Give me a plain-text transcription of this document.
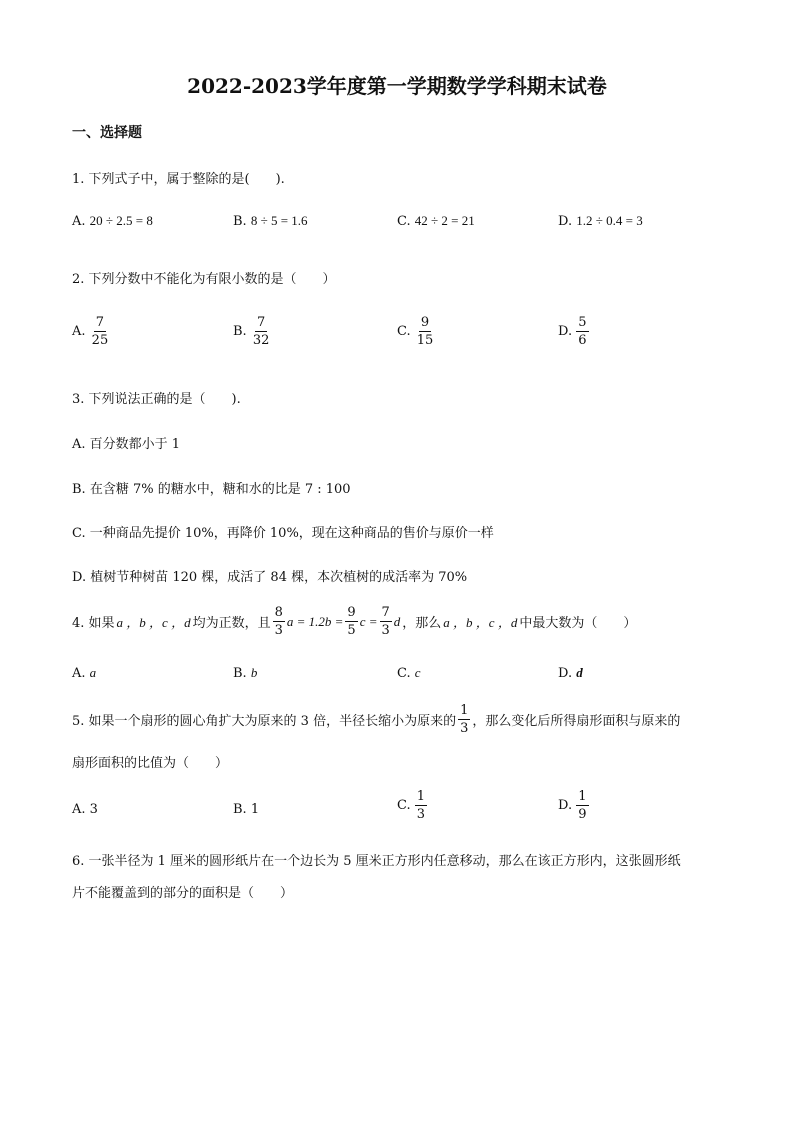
2022-2023学年度第一学期数学学科期末试卷
一、选择题
1. 下列式子中，属于整除的是(　　).
A. 20 ÷ 2.5 = 8	B. 8 ÷ 5 = 1.6	C. 42 ÷ 2 = 21	D. 1.2 ÷ 0.4 = 3
2. 下列分数中不能化为有限小数的是（　　）
A. $\frac{7}{25}$	B. $\frac{7}{32}$	C. $\frac{9}{15}$	D. $\frac{5}{6}$
3. 下列说法正确的是（　　).
A. 百分数都小于 1
B. 在含糖 7% 的糖水中，糖和水的比是 7 : 100
C. 一种商品先提价 10%，再降价 10%，现在这种商品的售价与原价一样
D. 植树节种树苗 120 棵，成活了 84 棵，本次植树的成活率为 70%
4. 如果 a ，b ，c ，d 均为正数，且 $\frac{8}{3}$ $a = 1.2b = \frac{9}{5}$ $c = \frac{7}{3}$ d ，那么 a ，b ，c ，d 中最大数为（　　）
A. a	B. b	C. c	D. d
5. 如果一个扇形的圆心角扩大为原来的 3 倍，半径长缩小为原来的 $\frac{1}{3}$ ，那么变化后所得扇形面积与原来的
扇形面积的比值为（　　）
A. 3	B. 1	C. $\frac{1}{3}$	D. $\frac{1}{9}$
6. 一张半径为 1 厘米的圆形纸片在一个边长为 5 厘米正方形内任意移动，那么在该正方形内，这张圆形纸
片不能覆盖到的部分的面积是（　　）
